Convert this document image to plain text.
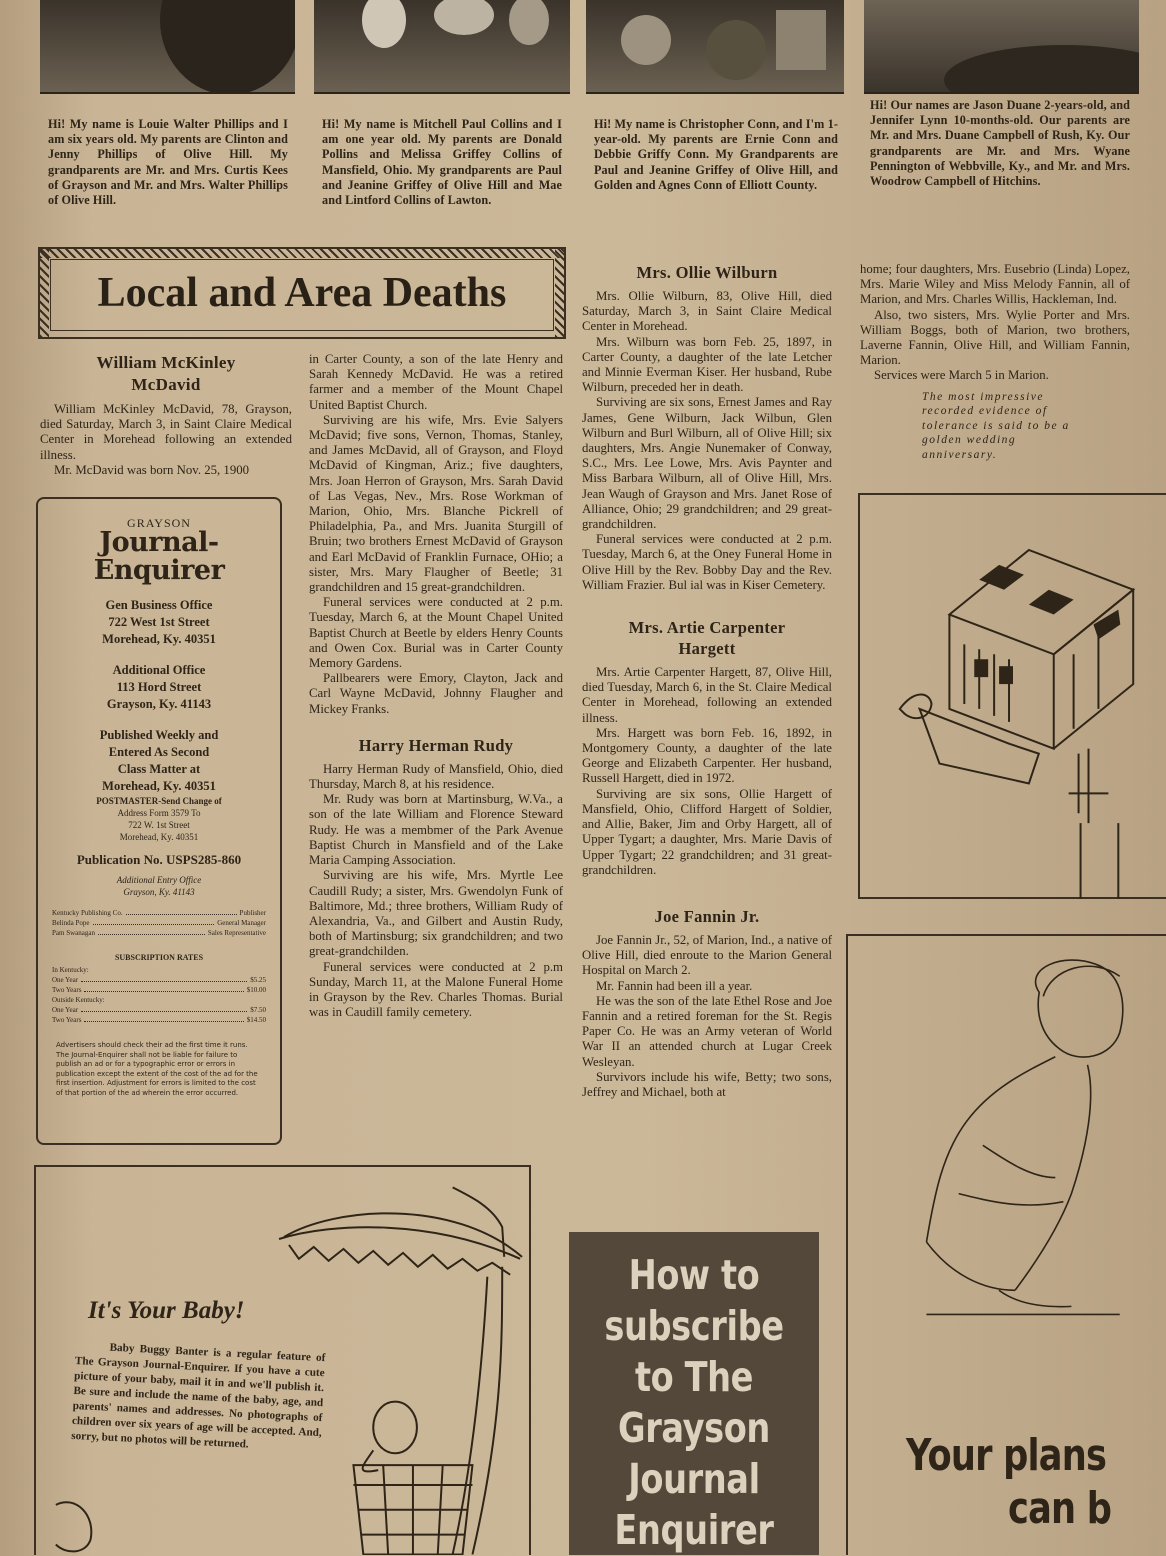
Hi! My name is Louie Walter Phillips and I am six years old. My parents are Clinton and Jenny Phillips of Olive Hill. My grandparents are Mr. and Mrs. Curtis Kees of Grayson and Mr. and Mrs. Walter Phillips of Olive Hill.
Hi! My name is Mitchell Paul Collins and I am one year old. My parents are Donald Pollins and Melissa Griffey Collins of Mansfield, Ohio. My grandparents are Paul and Jeanine Griffey of Olive Hill and Mae and Lintford Collins of Lawton.
Hi! My name is Christopher Conn, and I'm 1-year-old. My parents are Ernie Conn and Debbie Griffy Conn. My Grandparents are Paul and Jeanine Griffey of Olive Hill, and Golden and Agnes Conn of Elliott County.
Hi! Our names are Jason Duane 2-years-old, and Jennifer Lynn 10-months-old. Our parents are Mr. and Mrs. Duane Campbell of Rush, Ky. Our grandparents are Mr. and Mrs. Wyane Pennington of Webbville, Ky., and Mr. and Mrs. Woodrow Campbell of Hitchins.
Local and Area Deaths
William McKinley
McDavid

William McKinley McDavid, 78, Grayson, died Saturday, March 3, in Saint Claire Medical Center in Morehead following an extended illness.

Mr. McDavid was born Nov. 25, 1900

GRAYSON
Journal-Enquirer
Gen Business Office
722 West 1st Street
Morehead, Ky. 40351
Additional Office
113 Hord Street
Grayson, Ky. 41143
Published Weekly and
Entered As Second
Class Matter at
Morehead, Ky. 40351
POSTMASTER-Send Change of
Address Form 3579 To
722 W. 1st Street
Morehead, Ky. 40351
Publication No. USPS285-860
Additional Entry Office
Grayson, Ky. 41143
Kentucky Publishing Co.	Publisher
Belinda Pope	General Manager
Pam Swanagan	Sales Representative
SUBSCRIPTION RATES
In Kentucky:
One Year	$5.25
Two Years	$10.00
Outside Kentucky:
One Year	$7.50
Two Years	$14.50
Advertisers should check their ad the first time it runs. The Journal-Enquirer shall not be liable for failure to publish an ad or for a typographic error or errors in publication except the extent of the cost of the ad for the first insertion. Adjustment for errors is limited to the cost of that portion of the ad wherein the error occurred.

in Carter County, a son of the late Henry and Sarah Kennedy McDavid. He was a retired farmer and a member of the Mount Chapel United Baptist Church.

Surviving are his wife, Mrs. Evie Salyers McDavid; five sons, Vernon, Thomas, Stanley, and James McDavid, all of Grayson, and Floyd McDavid of Kingman, Ariz.; five daughters, Mrs. Joan Herron of Grayson, Mrs. Sarah David of Las Vegas, Nev., Mrs. Rose Workman of Marion, Ohio, Mrs. Blanche Pickrell of Philadelphia, Pa., and Mrs. Juanita Sturgill of Bruin; two brothers Ernest McDavid of Grayson and Earl McDavid of Franklin Furnace, OHio; a sister, Mrs. Mary Flaugher of Beetle; 31 grandchildren and 15 great-grandchildren.

Funeral services were conducted at 2 p.m. Tuesday, March 6, at the Mount Chapel United Baptist Church at Beetle by elders Henry Counts and Owen Cox. Burial was in Carter County Memory Gardens.

Pallbearers were Emory, Clayton, Jack and Carl Wayne McDavid, Johnny Flaugher and Mickey Franks.

Harry Herman Rudy

Harry Herman Rudy of Mansfield, Ohio, died Thursday, March 8, at his residence.

Mr. Rudy was born at Martinsburg, W.Va., a son of the late William and Florence Steward Rudy. He was a membmer of the Park Avenue Baptist Church in Mansfield and of the Lake Maria Camping Association.

Surviving are his wife, Mrs. Myrtle Lee Caudill Rudy; a sister, Mrs. Gwendolyn Funk of Baltimore, Md.; three brothers, William Rudy of Alexandria, Va., and Gilbert and Austin Rudy, both of Martinsburg; six grandchildren; and two great-grandchilden.

Funeral services were conducted at 2 p.m Sunday, March 11, at the Malone Funeral Home in Grayson by the Rev. Charles Thomas. Burial was in Caudill family cemetery.

Mrs. Ollie Wilburn

Mrs. Ollie Wilburn, 83, Olive Hill, died Saturday, March 3, in Saint Claire Medical Center in Morehead.

Mrs. Wilburn was born Feb. 25, 1897, in Carter County, a daughter of the late Letcher and Minnie Everman Kiser. Her husband, Rube Wilburn, preceded her in death.

Surviving are six sons, Ernest James and Ray James, Gene Wilburn, Jack Wilbun, Glen Wilburn and Burl Wilburn, all of Olive Hill; six daughters, Mrs. Angie Nunemaker of Conway, S.C., Mrs. Lee Lowe, Mrs. Avis Paynter and Miss Barbara Wilburn, all of Olive Hill, Mrs. Jean Waugh of Grayson and Mrs. Janet Rose of Alliance, Ohio; 29 grandchildren; and 29 great-grandchildren.

Funeral services were conducted at 2 p.m. Tuesday, March 6, at the Oney Funeral Home in Olive Hill by the Rev. Bobby Day and the Rev. William Frazier. Bul ial was in Kiser Cemetery.

Mrs. Artie Carpenter
Hargett

Mrs. Artie Carpenter Hargett, 87, Olive Hill, died Tuesday, March 6, in the St. Claire Medical Center in Morehead, following an extended illness.

Mrs. Hargett was born Feb. 16, 1892, in Montgomery County, a daughter of the late George and Elizabeth Carpenter. Her husband, Russell Hargett, died in 1972.

Surviving are six sons, Ollie Hargett of Mansfield, Ohio, Clifford Hargett of Soldier, and Allie, Baker, Jim and Orby Hargett, all of Upper Tygart; a daughter, Mrs. Marie Davis of Upper Tygart; 22 grandchildren; and 31 great-grandchildren.

Joe Fannin Jr.

Joe Fannin Jr., 52, of Marion, Ind., a native of Olive Hill, died enroute to the Marion General Hospital on March 2.

Mr. Fannin had been ill a year.

He was the son of the late Ethel Rose and Joe Fannin and a retired foreman for the St. Regis Paper Co. He was an Army veteran of World War II an attended church at Lugar Creek Wesleyan.

Survivors include his wife, Betty; two sons, Jeffrey and Michael, both at

home; four daughters, Mrs. Eusebrio (Linda) Lopez, Mrs. Marie Wiley and Miss Melody Fannin, all of Marion, and Mrs. Charles Willis, Hackleman, Ind.

Also, two sisters, Mrs. Wylie Porter and Mrs. William Boggs, both of Marion, two brothers, Laverne Fannin, Olive Hill, and William Fannin, Marion.

Services were March 5 in Marion.

The most impressive recorded evidence of tolerance is said to be a golden wedding anniversary.
Your plans
can b
It's Your Baby!
Baby Buggy Banter is a regular feature of The Grayson Journal-Enquirer. If you have a cute picture of your baby, mail it in and we'll publish it. Be sure and include the name of the baby, age, and parents' names and addresses. No photographs of children over six years of age will be accepted. And, sorry, but no photos will be returned.
How to
subscribe
to The
Grayson
Journal
Enquirer
